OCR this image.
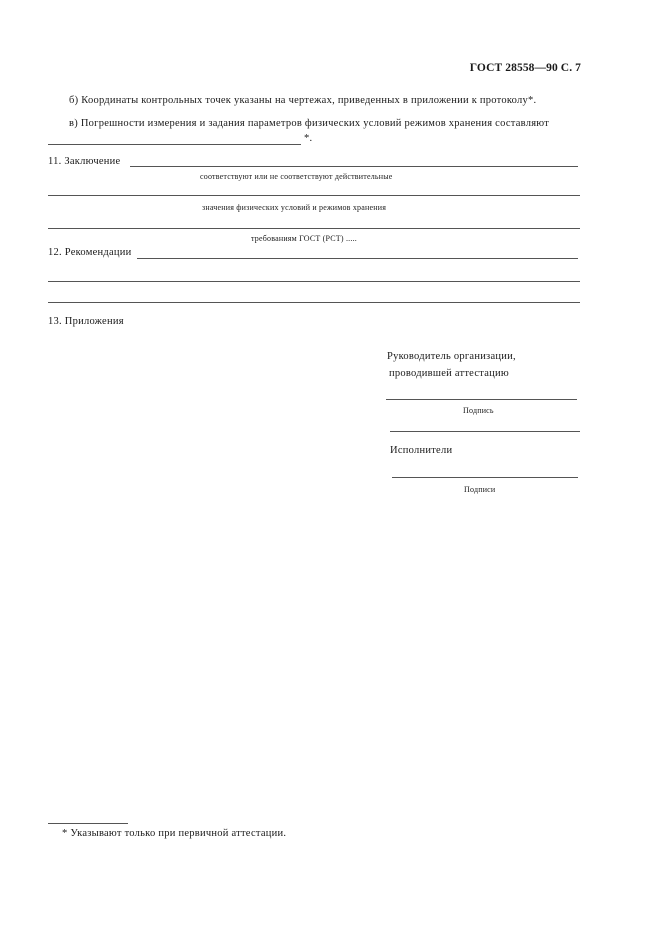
ГОСТ 28558—90 С. 7
б) Координаты контрольных точек указаны на чертежах, приведенных в приложении к протоколу*.
в) Погрешности измерения и задания параметров физических условий режимов хранения составляют
*.
11. Заключение
соответствуют или не соответствуют действительные
значения физических условий и режимов хранения
требованиям ГОСТ (РСТ) .....
12. Рекомендации
13. Приложения
Руководитель организации,
проводившей аттестацию
Подпись
Исполнители
Подписи
* Указывают только при первичной аттестации.
